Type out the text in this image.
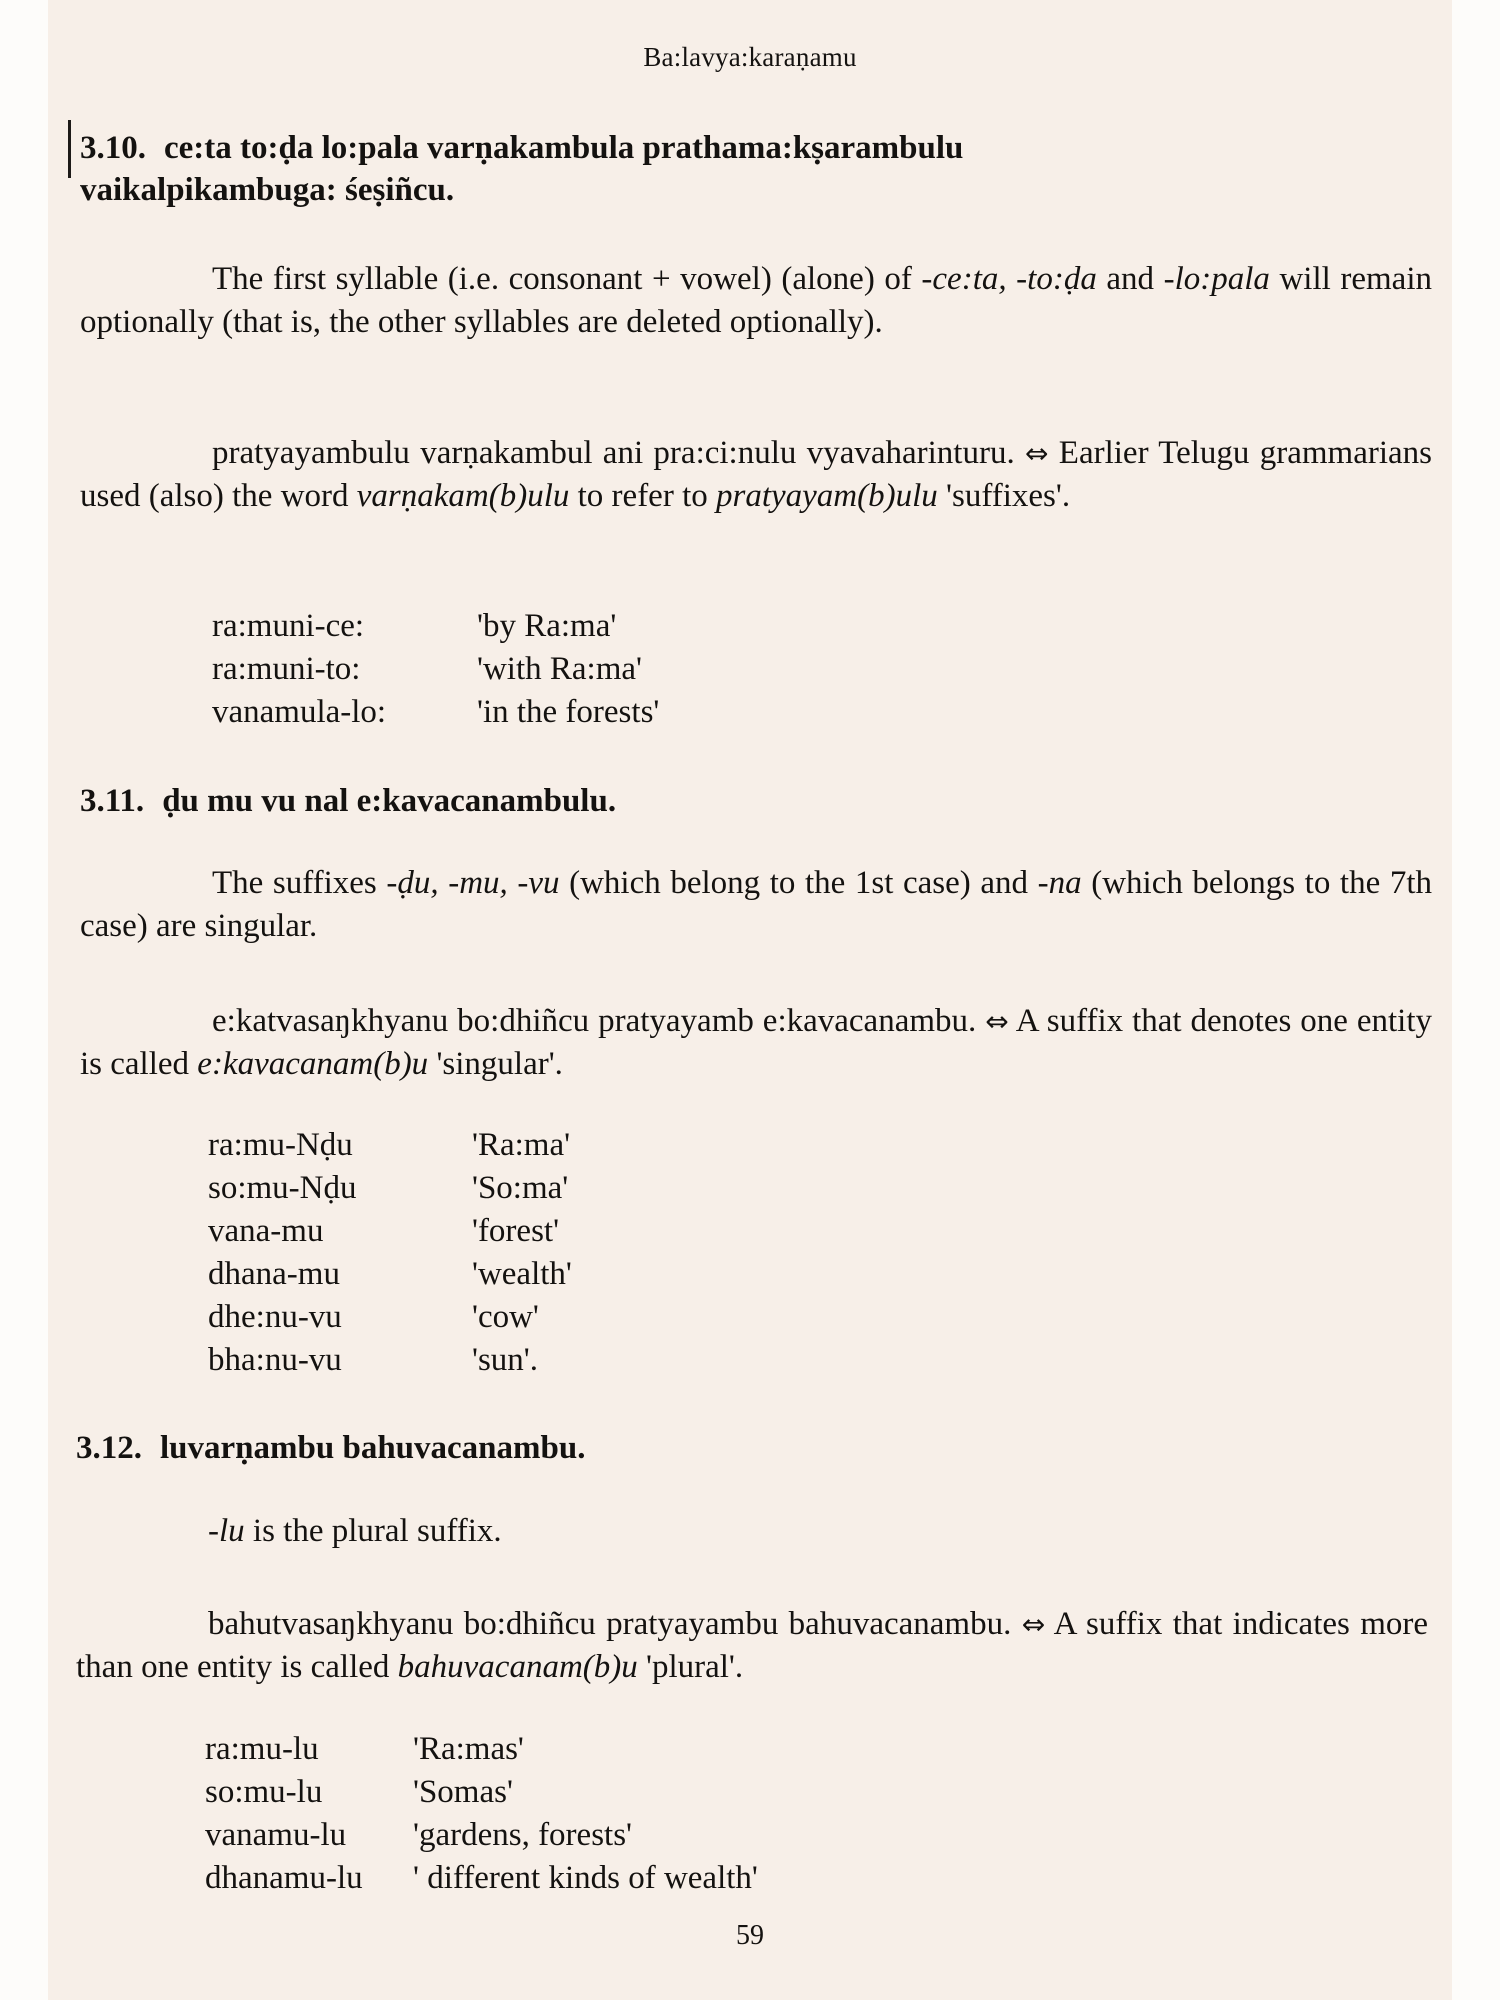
Ba:lavya:karaṇamu
3.10. ce:ta to:ḍa lo:pala varṇakambula prathama:kṣarambulu
vaikalpikambuga: śeṣiñcu.

The first syllable (i.e. consonant + vowel) (alone) of -ce:ta, -to:ḍa and -lo:pala will remain optionally (that is, the other syllables are deleted optionally).

pratyayambulu varṇakambul ani pra:ci:nulu vyavaharinturu. ⇔ Earlier Telugu grammarians used (also) the word varṇakam(b)ulu to refer to pratyayam(b)ulu 'suffixes'.

ra:muni-ce:	'by Ra:ma'
ra:muni-to:	'with Ra:ma'
vanamula-lo:	'in the forests'
3.11. ḍu mu vu nal e:kavacanambulu.

The suffixes -ḍu, -mu, -vu (which belong to the 1st case) and -na (which belongs to the 7th case) are singular.

e:katvasaŋkhyanu bo:dhiñcu pratyayamb e:kavacanambu. ⇔ A suffix that denotes one entity is called e:kavacanam(b)u 'singular'.

ra:mu-Nḍu	'Ra:ma'
so:mu-Nḍu	'So:ma'
vana-mu	'forest'
dhana-mu	'wealth'
dhe:nu-vu	'cow'
bha:nu-vu	'sun'.
3.12. luvarṇambu bahuvacanambu.

-lu is the plural suffix.

bahutvasaŋkhyanu bo:dhiñcu pratyayambu bahuvacanambu. ⇔ A suffix that indicates more than one entity is called bahuvacanam(b)u 'plural'.

ra:mu-lu	'Ra:mas'
so:mu-lu	'Somas'
vanamu-lu	'gardens, forests'
dhanamu-lu	' different kinds of wealth'
59
